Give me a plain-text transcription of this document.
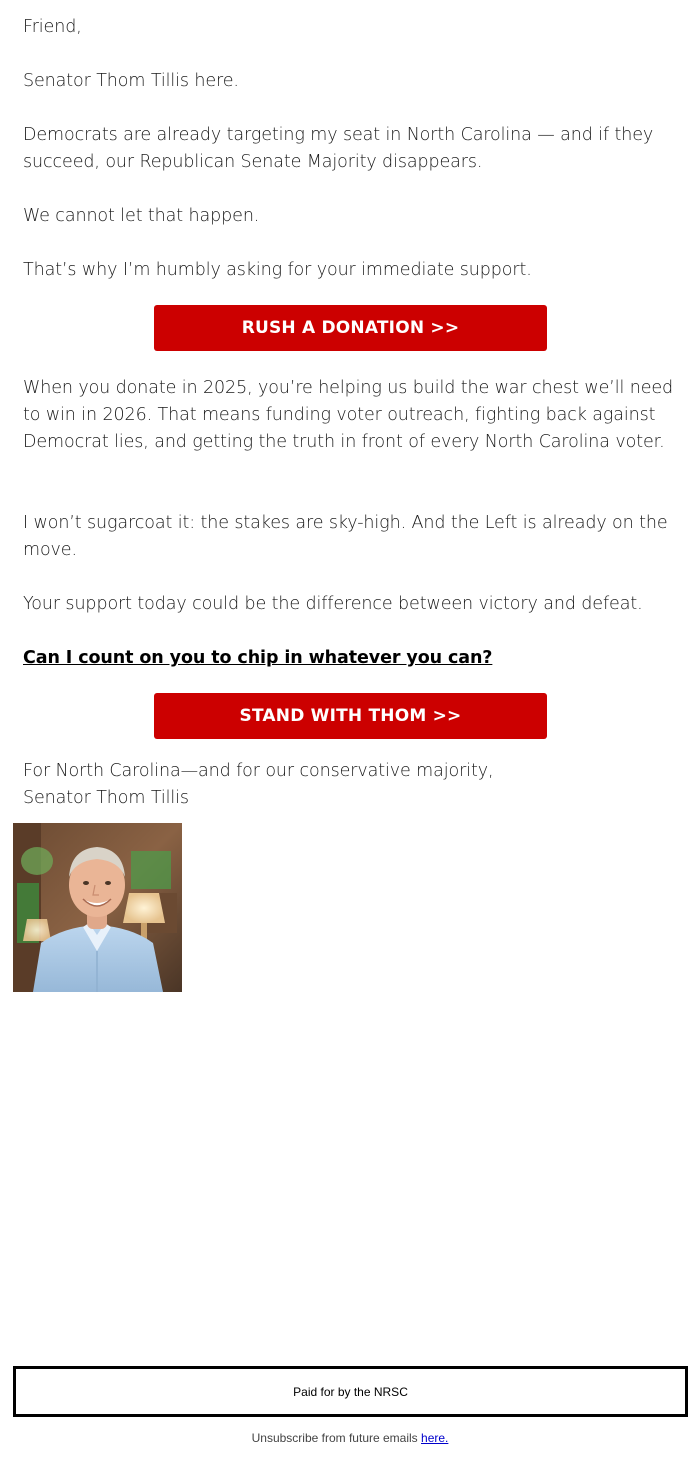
Friend,

Senator Thom Tillis here.

Democrats are already targeting my seat in North Carolina — and if they succeed, our Republican Senate Majority disappears.

We cannot let that happen.

That’s why I’m humbly asking for your immediate support.

RUSH A DONATION >>

When you donate in 2025, you’re helping us build the war chest we’ll need to win in 2026. That means funding voter outreach, fighting back against Democrat lies, and getting the truth in front of every North Carolina voter.

I won’t sugarcoat it: the stakes are sky-high. And the Left is already on the move.

Your support today could be the difference between victory and defeat.

Can I count on you to chip in whatever you can?
STAND WITH THOM >>

For North Carolina—and for our conservative majority,

Senator Thom Tillis

Paid for by the NRSC
Unsubscribe from future emails here.
